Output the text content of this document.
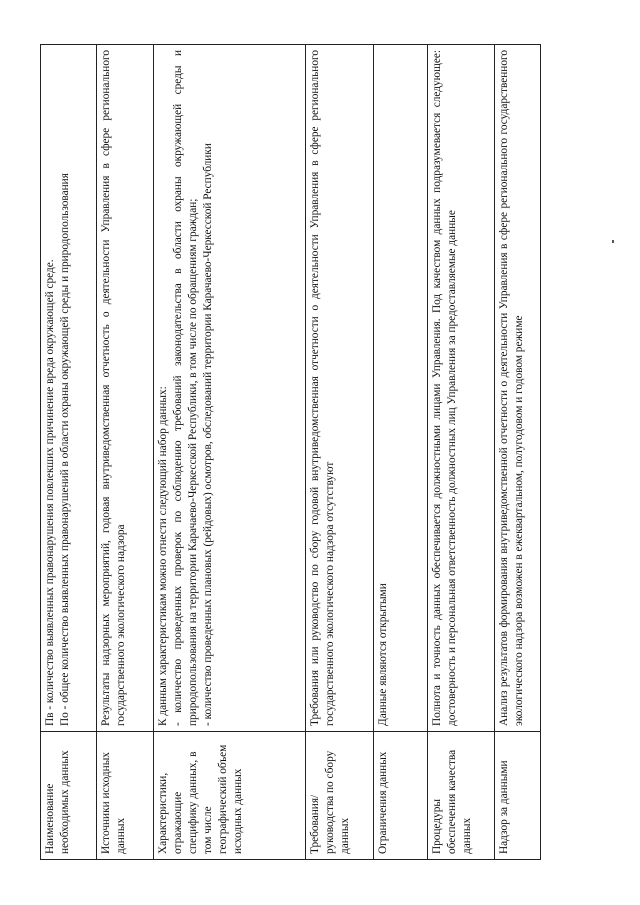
Наименование необходимых данных	Пв - количество выявленных правонарушения повлекших причинение вреда окружающей среде. По - общее количество выявленных правонарушений в области охраны окружающей среды и природопользования

Источники исходных данных	Результаты надзорных мероприятий, годовая внутриведомственная отчетность о деятельности Управления в сфере регионального государственного экологического надзора

Характеристики, отражающие специфику данных, в том числе географический объем исходных данных	К данным характеристикам можно отнести следующий набор данных: - количество проведенных проверок по соблюдению требований законодательства в области охраны окружающей среды и природопользования на территории Карачаево-Черкесской Республики, в том числе по обращениям граждан; - количество проведенных плановых (рейдовых) осмотров, обследований территории Карачаево-Черкесской Республики

Требования/руководства по сбору данных	Требования или руководство по сбору годовой внутриведомственная отчетности о деятельности Управления в сфере регионального государственного экологического надзора отсутствуют

Ограничения данных	Данные являются открытыми

Процедуры обеспечения качества данных	Полнота и точность данных обеспечивается должностными лицами Управления. Под качеством данных подразумевается следующее: достоверность и персональная ответственность должностных лиц Управления за предоставляемые данные

Надзор за данными	Анализ результатов формирования внутриведомственной отчетности о деятельности Управления в сфере регионального государственного экологического надзора возможен в ежеквартальном, полугодовом и годовом режиме
